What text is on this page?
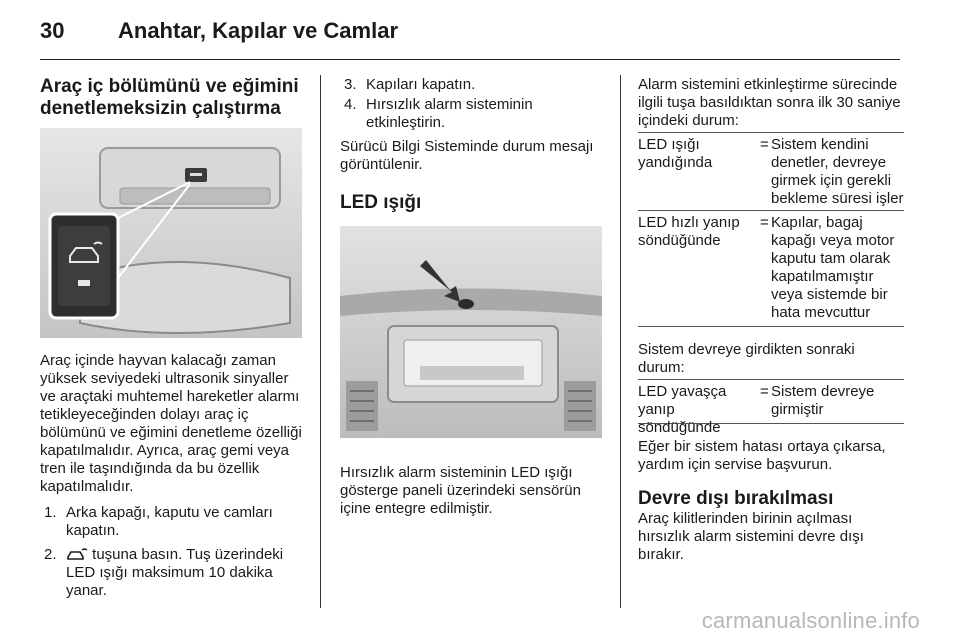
30 Anahtar, Kapılar ve Camlar
Araç iç bölümünü ve eğimini denetlemeksizin çalıştırma

Araç içinde hayvan kalacağı zaman yüksek seviyedeki ultrasonik sinyaller ve araçtaki muhtemel hareketler alarmı tetikleyeceğinden dolayı araç iç bölümünü ve eğimini denetleme özelliği kapatılmalıdır. Ayrıca, araç gemi veya tren ile taşındığında da bu özellik kapatılmalıdır.

1. Arka kapağı, kaputu ve camları kapatın.
2. tuşuna basın. Tuş üzerindeki LED ışığı maksimum 10 dakika yanar.
3. Kapıları kapatın.
4. Hırsızlık alarm sisteminin etkinleştirin.

Sürücü Bilgi Sisteminde durum mesajı görüntülenir.

LED ışığı

Hırsızlık alarm sisteminin LED ışığı gösterge paneli üzerindeki sensörün içine entegre edilmiştir.

Alarm sistemini etkinleştirme sürecinde ilgili tuşa basıldıktan sonra ilk 30 saniye içindeki durum:

LED ışığı yandığında
= Sistem kendini denetler, devreye girmek için gerekli bekleme süresi işler
LED hızlı yanıp söndüğünde
= Kapılar, bagaj kapağı veya motor kaputu tam olarak kapatılmamıştır veya sistemde bir hata mevcuttur

Sistem devreye girdikten sonraki durum:

LED yavaşça yanıp söndüğünde
= Sistem devreye girmiştir

Eğer bir sistem hatası ortaya çıkarsa, yardım için servise başvurun.

Devre dışı bırakılması

Araç kilitlerinden birinin açılması hırsızlık alarm sistemini devre dışı bırakır.

carmanualsonline.info
